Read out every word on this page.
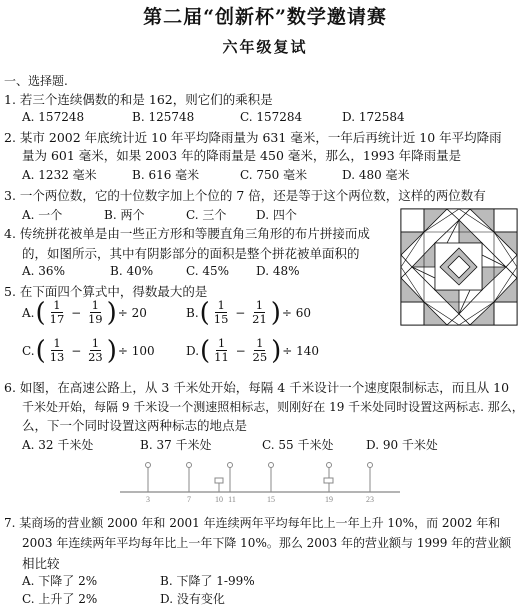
第二届“创新杯”数学邀请赛
六年级复试
一、选择题.
1. 若三个连续偶数的和是 162，则它们的乘积是
A. 157248	B. 125748	C. 157284	D. 172584
2. 某市 2002 年底统计近 10 年平均降雨量为 631 毫米，一年后再统计近 10 年平均降雨
量为 601 毫米，如果 2003 年的降雨量是 450 毫米，那么，1993 年降雨量是
A. 1232 毫米	B. 616 毫米	C. 750 毫米	D. 480 毫米
3. 一个两位数，它的十位数字加上个位的 7 倍，还是等于这个两位数，这样的两位数有
A. 一个	B. 两个	C. 三个 D. 四个
4. 传统拼花被单是由一些正方形和等腰直角三角形的布片拼接而成
的，如图所示，其中有阴影部分的面积是整个拼花被单面积的
A. 36%	B. 40%	C. 45% D. 48%
5. 在下面四个算式中，得数最大的是
A. ( $\frac{1}{17} - \frac{1}{19}$ ) ÷ 20	B. ( $\frac{1}{15} - \frac{1}{21}$ ) ÷ 60
C. ( $\frac{1}{13} - \frac{1}{23}$ ) ÷ 100	D. ( $\frac{1}{11} - \frac{1}{25}$ ) ÷ 140
6. 如图，在高速公路上，从 3 千米处开始，每隔 4 千米设计一个速度限制标志，而且从 10
千米处开始，每隔 9 千米设一个测速照相标志，则刚好在 19 千米处同时设置这两标志. 那么，
么，下一个同时设置这两种标志的地点是
A. 32 千米处	B. 37 千米处	C. 55 千米处	D. 90 千米处
3	7	10 11	15	19	23
7. 某商场的营业额 2000 年和 2001 年连续两年平均每年比上一年上升 10%，而 2002 年和
2003 年连续两年平均每年比上一年下降 10%。那么 2003 年的营业额与 1999 年的营业额
相比较
A. 下降了 2%	B. 下降了 1-99%
C. 上升了 2%	D. 没有变化
